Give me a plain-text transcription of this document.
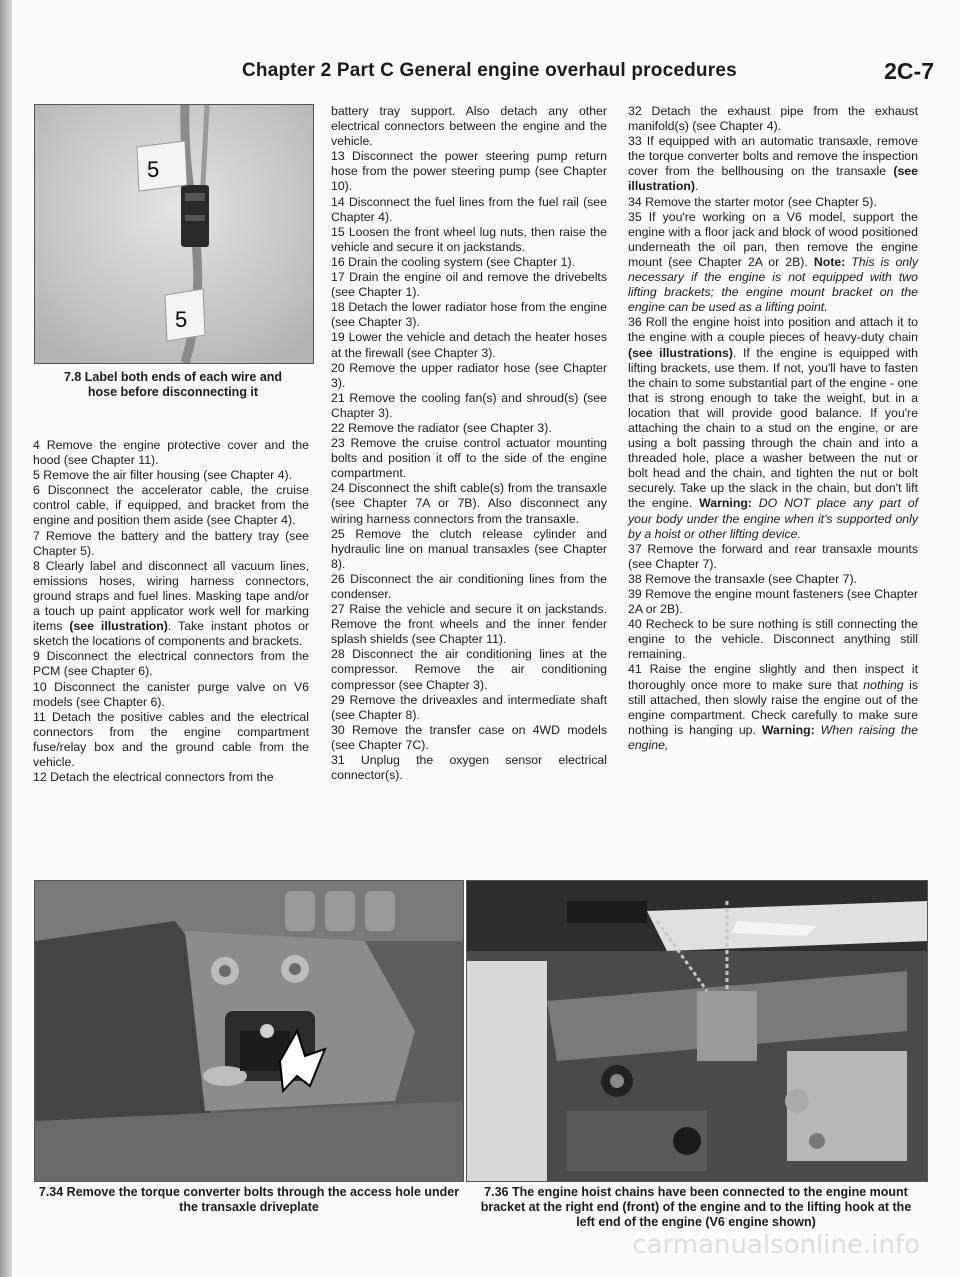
Chapter 2 Part C General engine overhaul procedures	2C-7
5
5
7.8 Label both ends of each wire and hose before disconnecting it

4 Remove the engine protective cover and the hood (see Chapter 11).

5 Remove the air filter housing (see Chapter 4).

6 Disconnect the accelerator cable, the cruise control cable, if equipped, and bracket from the engine and position them aside (see Chapter 4).

7 Remove the battery and the battery tray (see Chapter 5).

8 Clearly label and disconnect all vacuum lines, emissions hoses, wiring harness connectors, ground straps and fuel lines. Masking tape and/or a touch up paint applicator work well for marking items (see illustration). Take instant photos or sketch the locations of components and brackets.

9 Disconnect the electrical connectors from the PCM (see Chapter 6).

10 Disconnect the canister purge valve on V6 models (see Chapter 6).

11 Detach the positive cables and the electrical connectors from the engine compartment fuse/relay box and the ground cable from the vehicle.

12 Detach the electrical connectors from the

battery tray support. Also detach any other electrical connectors between the engine and the vehicle.

13 Disconnect the power steering pump return hose from the power steering pump (see Chapter 10).

14 Disconnect the fuel lines from the fuel rail (see Chapter 4).

15 Loosen the front wheel lug nuts, then raise the vehicle and secure it on jackstands.

16 Drain the cooling system (see Chapter 1).

17 Drain the engine oil and remove the drivebelts (see Chapter 1).

18 Detach the lower radiator hose from the engine (see Chapter 3).

19 Lower the vehicle and detach the heater hoses at the firewall (see Chapter 3).

20 Remove the upper radiator hose (see Chapter 3).

21 Remove the cooling fan(s) and shroud(s) (see Chapter 3).

22 Remove the radiator (see Chapter 3).

23 Remove the cruise control actuator mounting bolts and position it off to the side of the engine compartment.

24 Disconnect the shift cable(s) from the transaxle (see Chapter 7A or 7B). Also disconnect any wiring harness connectors from the transaxle.

25 Remove the clutch release cylinder and hydraulic line on manual transaxles (see Chapter 8).

26 Disconnect the air conditioning lines from the condenser.

27 Raise the vehicle and secure it on jackstands. Remove the front wheels and the inner fender splash shields (see Chapter 11).

28 Disconnect the air conditioning lines at the compressor. Remove the air conditioning compressor (see Chapter 3).

29 Remove the driveaxles and intermediate shaft (see Chapter 8).

30 Remove the transfer case on 4WD models (see Chapter 7C).

31 Unplug the oxygen sensor electrical connector(s).

32 Detach the exhaust pipe from the exhaust manifold(s) (see Chapter 4).

33 If equipped with an automatic transaxle, remove the torque converter bolts and remove the inspection cover from the bellhousing on the transaxle (see illustration).

34 Remove the starter motor (see Chapter 5).

35 If you're working on a V6 model, support the engine with a floor jack and block of wood positioned underneath the oil pan, then remove the engine mount (see Chapter 2A or 2B). Note: This is only necessary if the engine is not equipped with two lifting brackets; the engine mount bracket on the engine can be used as a lifting point.

36 Roll the engine hoist into position and attach it to the engine with a couple pieces of heavy-duty chain (see illustrations). If the engine is equipped with lifting brackets, use them. If not, you'll have to fasten the chain to some substantial part of the engine - one that is strong enough to take the weight, but in a location that will provide good balance. If you're attaching the chain to a stud on the engine, or are using a bolt passing through the chain and into a threaded hole, place a washer between the nut or bolt head and the chain, and tighten the nut or bolt securely. Take up the slack in the chain, but don't lift the engine. Warning: DO NOT place any part of your body under the engine when it's supported only by a hoist or other lifting device.

37 Remove the forward and rear transaxle mounts (see Chapter 7).

38 Remove the transaxle (see Chapter 7).

39 Remove the engine mount fasteners (see Chapter 2A or 2B).

40 Recheck to be sure nothing is still connecting the engine to the vehicle. Disconnect anything still remaining.

41 Raise the engine slightly and then inspect it thoroughly once more to make sure that nothing is still attached, then slowly raise the engine out of the engine compartment. Check carefully to make sure nothing is hanging up. Warning: When raising the engine,

7.34 Remove the torque converter bolts through the access hole under the transaxle driveplate
7.36 The engine hoist chains have been connected to the engine mount bracket at the right end (front) of the engine and to the lifting hook at the left end of the engine (V6 engine shown)
carmanualsonline.info
